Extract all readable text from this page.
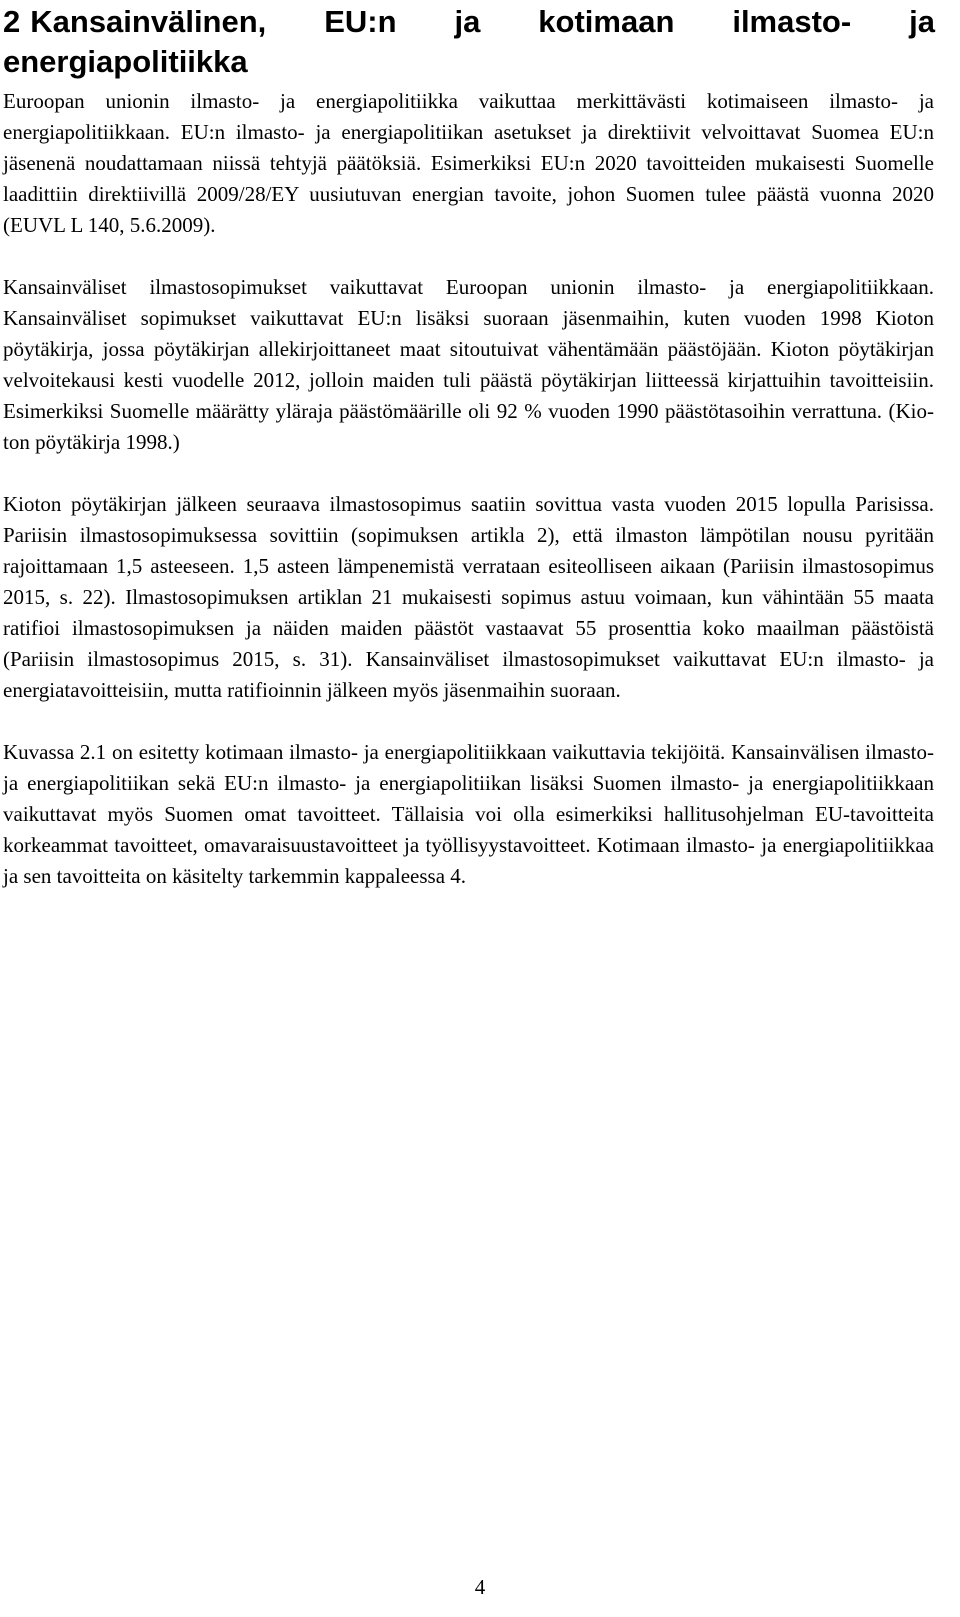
2 Kansainvälinen, EU:n ja kotimaan ilmasto- ja energiapolitiikka

Euroopan unionin ilmasto- ja energiapolitiikka vaikuttaa merkittävästi kotimaiseen ilmasto- ja energiapolitiikkaan. EU:n ilmasto- ja energiapolitiikan asetukset ja direktiivit velvoittavat Suomea EU:n jäsenenä noudattamaan niissä tehtyjä päätöksiä. Esimerkiksi EU:n 2020 tavoitteiden mukaisesti Suomelle laadittiin direktiivillä 2009/28/EY uusiutuvan energian tavoite, johon Suomen tulee päästä vuonna 2020 (EUVL L 140, 5.6.2009).

Kansainväliset ilmastosopimukset vaikuttavat Euroopan unionin ilmasto- ja energiapolitiikkaan. Kansainväliset sopimukset vaikuttavat EU:n lisäksi suoraan jäsenmaihin, kuten vuoden 1998 Kioton pöytäkirja, jossa pöytäkirjan allekirjoittaneet maat sitoutuivat vähentämään päästöjään. Kioton pöytäkirjan velvoitekausi kesti vuodelle 2012, jolloin maiden tuli päästä pöytäkirjan liitteessä kirjattuihin tavoitteisiin. Esimerkiksi Suomelle määrätty yläraja päästömäärille oli 92 % vuoden 1990 päästötasoihin verrattuna. (Kioton pöytäkirja 1998.)

Kioton pöytäkirjan jälkeen seuraava ilmastosopimus saatiin sovittua vasta vuoden 2015 lopulla Parisissa. Pariisin ilmastosopimuksessa sovittiin (sopimuksen artikla 2), että ilmaston lämpötilan nousu pyritään rajoittamaan 1,5 asteeseen. 1,5 asteen lämpenemistä verrataan esiteolliseen aikaan (Pariisin ilmastosopimus 2015, s. 22). Ilmastosopimuksen artiklan 21 mukaisesti sopimus astuu voimaan, kun vähintään 55 maata ratifioi ilmastosopimuksen ja näiden maiden päästöt vastaavat 55 prosenttia koko maailman päästöistä (Pariisin ilmastosopimus 2015, s. 31). Kansainväliset ilmastosopimukset vaikuttavat EU:n ilmasto- ja energiatavoitteisiin, mutta ratifioinnin jälkeen myös jäsenmaihin suoraan.

Kuvassa 2.1 on esitetty kotimaan ilmasto- ja energiapolitiikkaan vaikuttavia tekijöitä. Kansainvälisen ilmasto- ja energiapolitiikan sekä EU:n ilmasto- ja energiapolitiikan lisäksi Suomen ilmasto- ja energiapolitiikkaan vaikuttavat myös Suomen omat tavoitteet. Tällaisia voi olla esimerkiksi hallitusohjelman EU-tavoitteita korkeammat tavoitteet, omavaraisuustavoitteet ja työllisyystavoitteet. Kotimaan ilmasto- ja energiapolitiikkaa ja sen tavoitteita on käsitelty tarkemmin kappaleessa 4.

4
